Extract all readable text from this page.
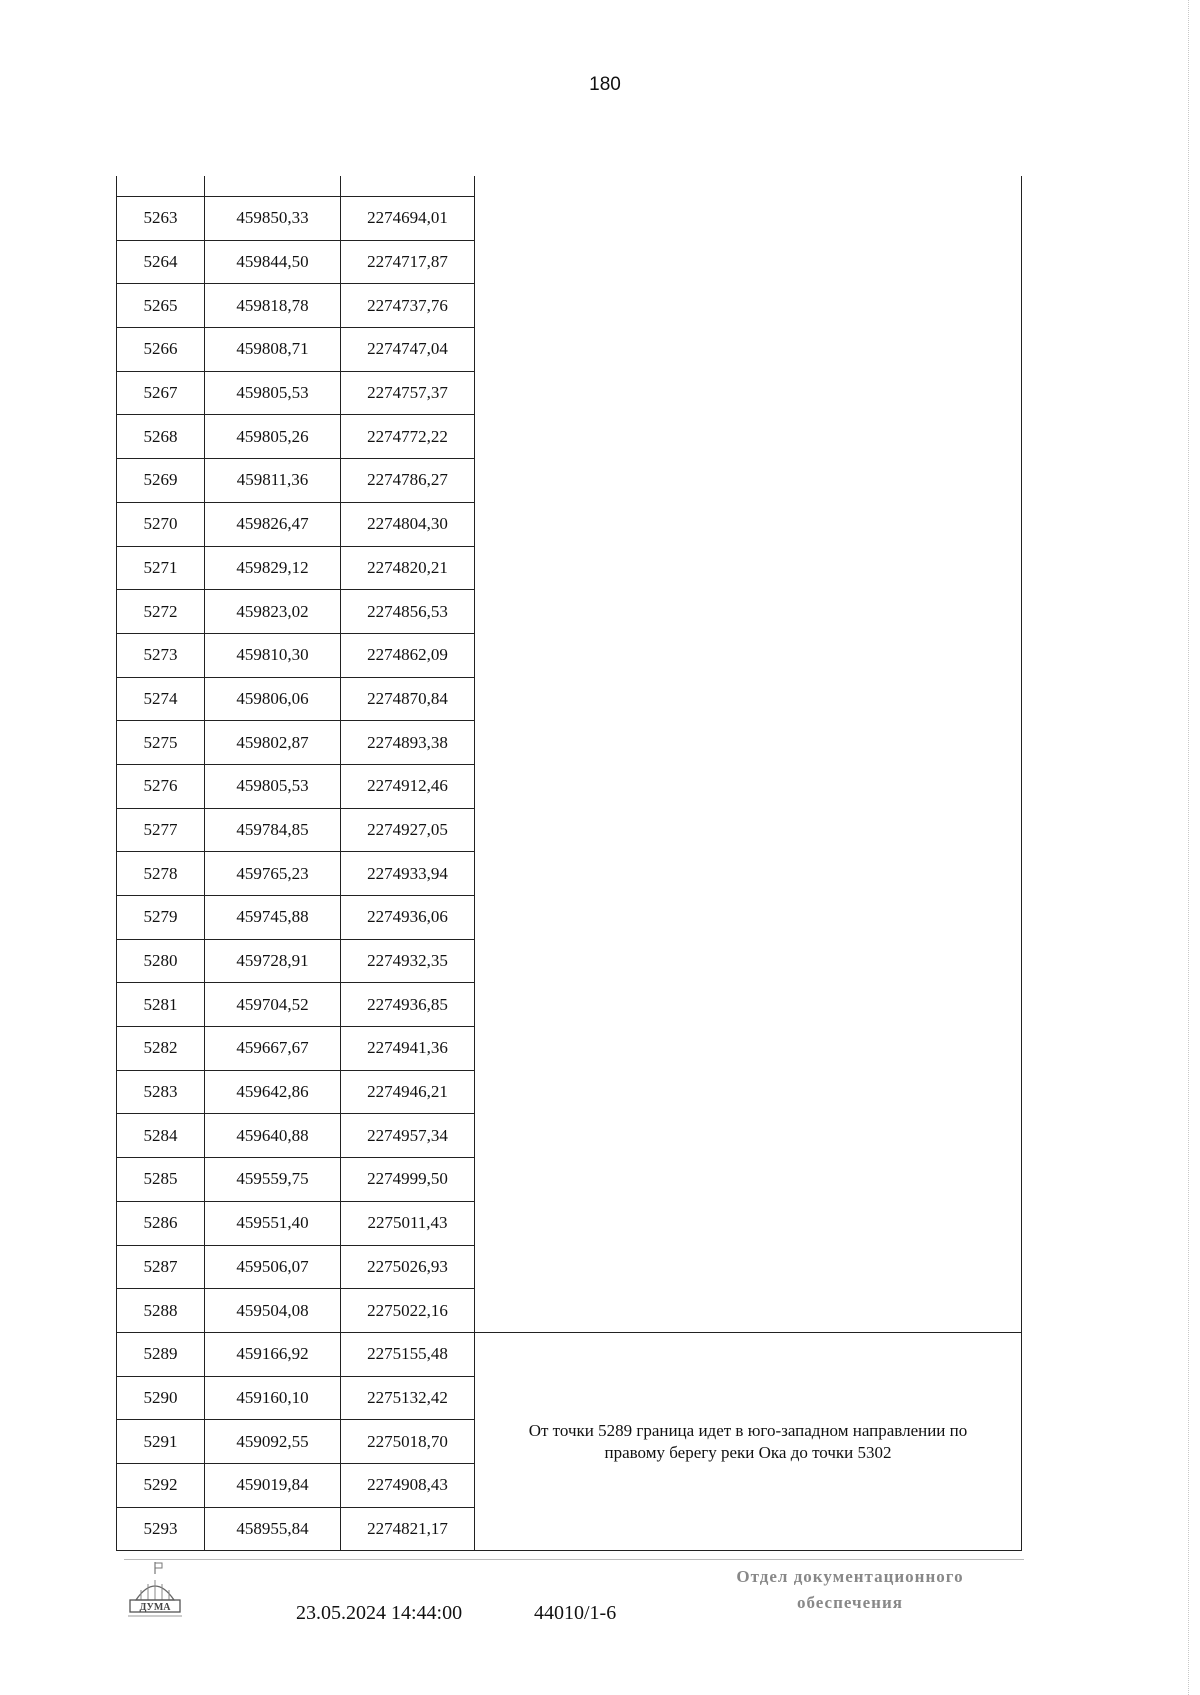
180

5263	459850,33	2274694,01	
5264	459844,50	2274717,87	
5265	459818,78	2274737,76	
5266	459808,71	2274747,04	
5267	459805,53	2274757,37	
5268	459805,26	2274772,22	
5269	459811,36	2274786,27	
5270	459826,47	2274804,30	
5271	459829,12	2274820,21	
5272	459823,02	2274856,53	
5273	459810,30	2274862,09	
5274	459806,06	2274870,84	
5275	459802,87	2274893,38	
5276	459805,53	2274912,46	
5277	459784,85	2274927,05	
5278	459765,23	2274933,94	
5279	459745,88	2274936,06	
5280	459728,91	2274932,35	
5281	459704,52	2274936,85	
5282	459667,67	2274941,36	
5283	459642,86	2274946,21	
5284	459640,88	2274957,34	
5285	459559,75	2274999,50	
5286	459551,40	2275011,43	
5287	459506,07	2275026,93	
5288	459504,08	2275022,16	
5289	459166,92	2275155,48	От точки 5289 граница идет в юго-западном направлении по правому берегу реки Ока до точки 5302
5290	459160,10	2275132,42	
5291	459092,55	2275018,70	
5292	459019,84	2274908,43	
5293	458955,84	2274821,17	
ДУМА	23.05.2024 14:44:00	44010/1-6
Отдел документационного
обеспечения
